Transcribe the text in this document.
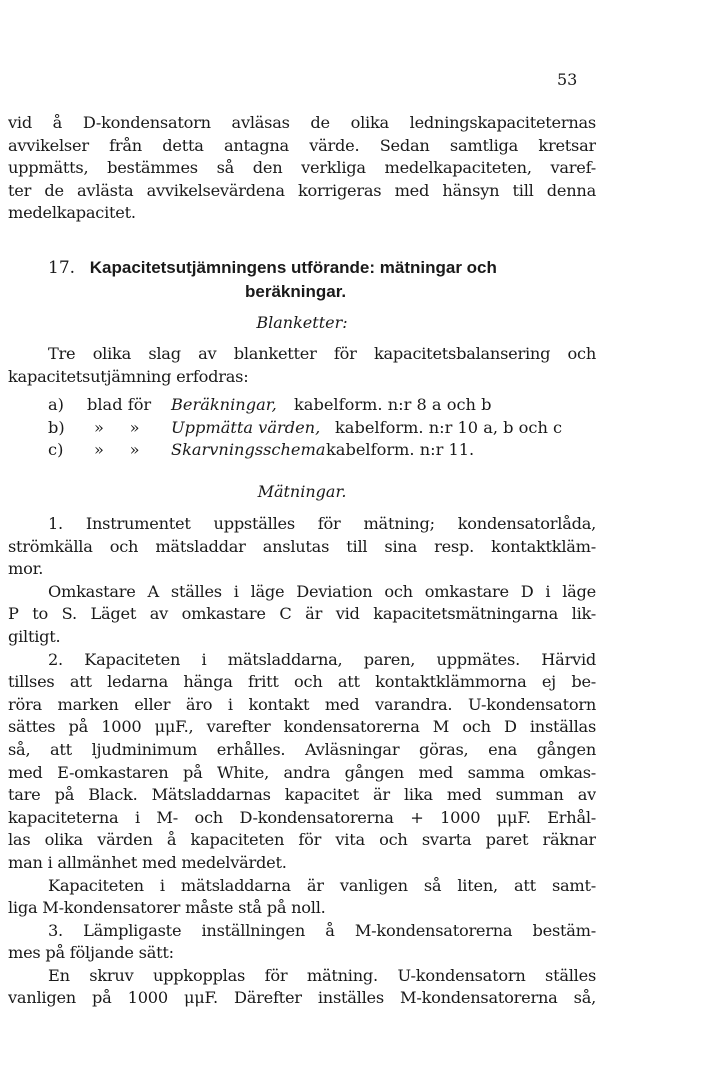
53
vid å D-kondensatorn avläsas de olika ledningskapaciteternas
avvikelser från detta antagna värde. Sedan samtliga kretsar
uppmätts, bestämmes så den verkliga medelkapaciteten, varef-
ter de avlästa avvikelsevärdena korrigeras med hänsyn till denna
medelkapacitet.
17. Kapacitetsutjämningens utförande: mätningar och
beräkningar.
Blanketter:
Tre olika slag av blanketter för kapacitetsbalansering och
kapacitetsutjämning erfodras:
a) blad för Beräkningar, kabelform. n:r 8 a och b
b) »     » Uppmätta värden, kabelform. n:r 10 a, b och c
c) »     » Skarvningsschema kabelform. n:r 11.
Mätningar.
1. Instrumentet uppställes för mätning; kondensatorlåda,
strömkälla och mätsladdar anslutas till sina resp. kontaktkläm-
mor.
Omkastare A ställes i läge Deviation och omkastare D i läge
P to S. Läget av omkastare C är vid kapacitetsmätningarna lik-
giltigt.
2. Kapaciteten i mätsladdarna, paren, uppmätes. Härvid
tillses att ledarna hänga fritt och att kontaktklämmorna ej be-
röra marken eller äro i kontakt med varandra. U-kondensatorn
sättes på 1000 μμF., varefter kondensatorerna M och D inställas
så, att ljudminimum erhålles. Avläsningar göras, ena gången
med E-omkastaren på White, andra gången med samma omkas-
tare på Black. Mätsladdarnas kapacitet är lika med summan av
kapaciteterna i M- och D-kondensatorerna + 1000 μμF. Erhål-
las olika värden å kapaciteten för vita och svarta paret räknar
man i allmänhet med medelvärdet.
Kapaciteten i mätsladdarna är vanligen så liten, att samt-
liga M-kondensatorer måste stå på noll.
3. Lämpligaste inställningen å M-kondensatorerna bestäm-
mes på följande sätt:
En skruv uppkopplas för mätning. U-kondensatorn ställes
vanligen på 1000 μμF. Därefter inställes M-kondensatorerna så,
